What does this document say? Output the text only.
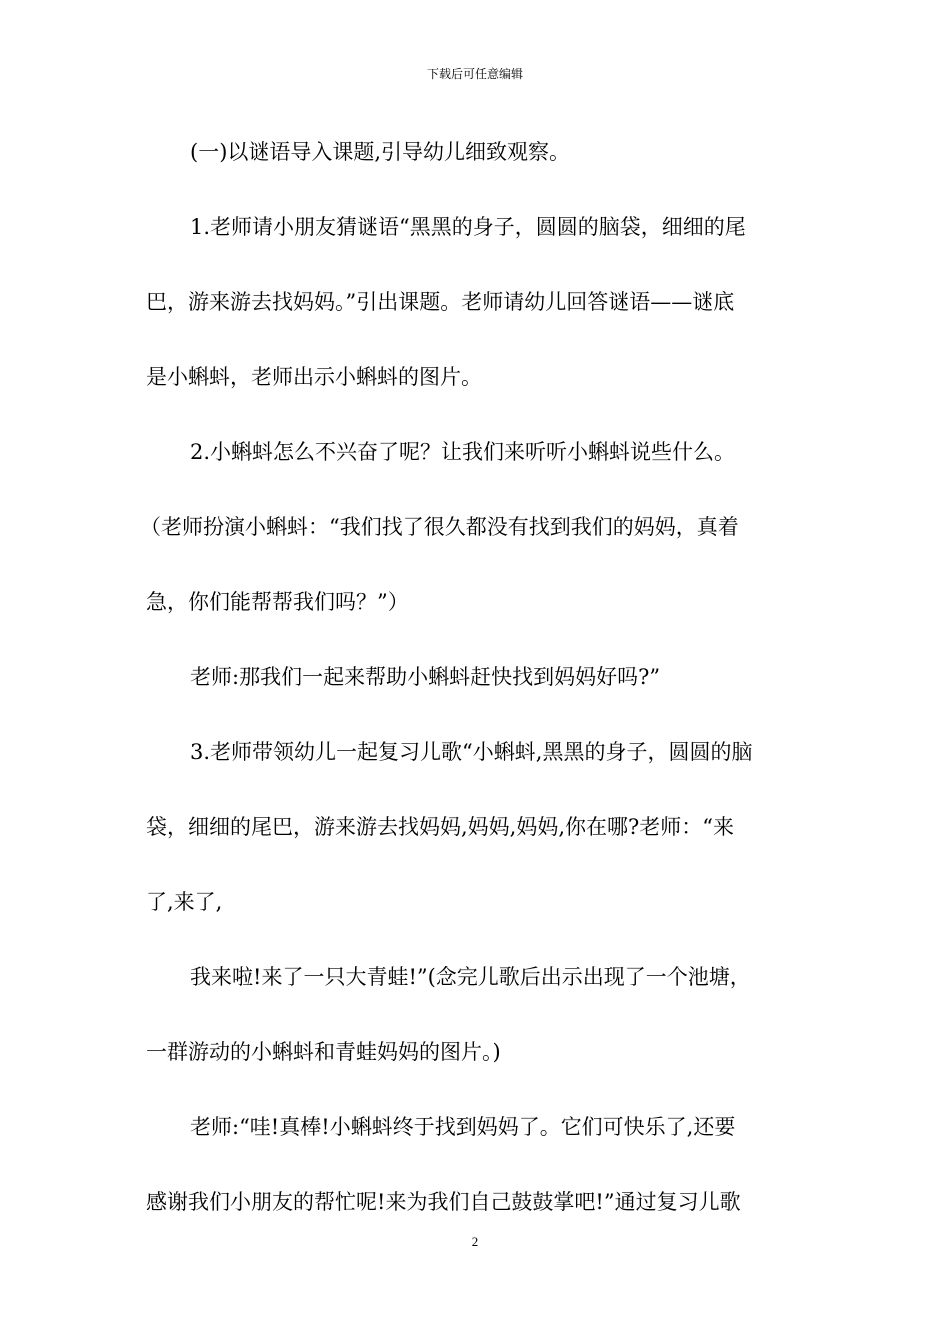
下载后可任意编辑
(一)以谜语导入课题,引导幼儿细致观察。
1.老师请小朋友猜谜语“黑黑的身子，圆圆的脑袋，细细的尾
巴，游来游去找妈妈。”引出课题。老师请幼儿回答谜语——谜底
是小蝌蚪，老师出示小蝌蚪的图片。
2.小蝌蚪怎么不兴奋了呢？让我们来听听小蝌蚪说些什么。
（老师扮演小蝌蚪：“我们找了很久都没有找到我们的妈妈，真着
急，你们能帮帮我们吗？”）
老师:那我们一起来帮助小蝌蚪赶快找到妈妈好吗?”
3.老师带领幼儿一起复习儿歌“小蝌蚪,黑黑的身子，圆圆的脑
袋，细细的尾巴，游来游去找妈妈,妈妈,妈妈,你在哪?老师：“来
了,来了,
我来啦!来了一只大青蛙!”(念完儿歌后出示出现了一个池塘，
一群游动的小蝌蚪和青蛙妈妈的图片。)
老师:“哇!真棒!小蝌蚪终于找到妈妈了。它们可快乐了,还要
感谢我们小朋友的帮忙呢!来为我们自己鼓鼓掌吧!”通过复习儿歌
2
